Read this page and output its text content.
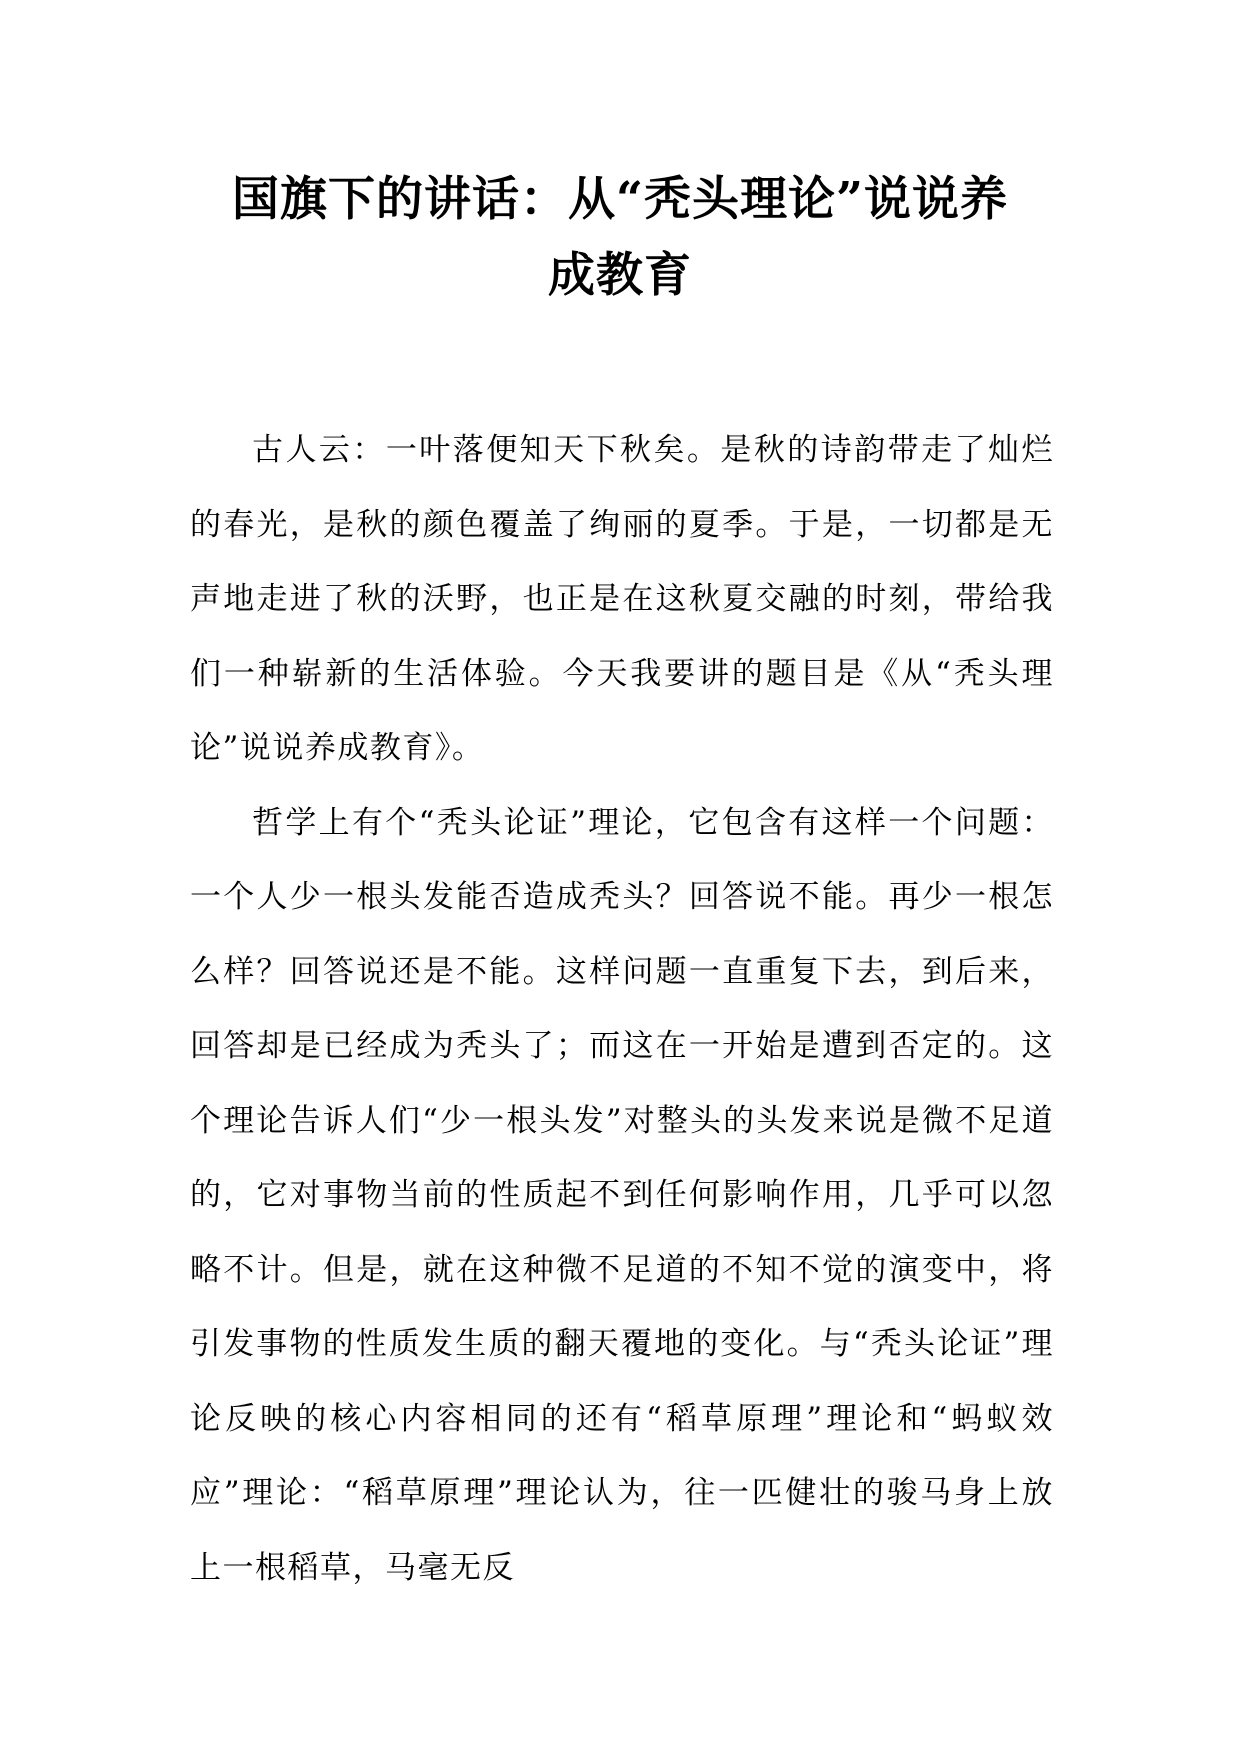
国旗下的讲话：从“秃头理论”说说养
成教育

古人云：一叶落便知天下秋矣。是秋的诗韵带走了灿烂的春光，是秋的颜色覆盖了绚丽的夏季。于是，一切都是无声地走进了秋的沃野，也正是在这秋夏交融的时刻，带给我们一种崭新的生活体验。今天我要讲的题目是《从“秃头理论”说说养成教育》。

哲学上有个“秃头论证”理论，它包含有这样一个问题：一个人少一根头发能否造成秃头？回答说不能。再少一根怎么样？回答说还是不能。这样问题一直重复下去，到后来，回答却是已经成为秃头了；而这在一开始是遭到否定的。这个理论告诉人们“少一根头发”对整头的头发来说是微不足道的，它对事物当前的性质起不到任何影响作用，几乎可以忽略不计。但是，就在这种微不足道的不知不觉的演变中，将引发事物的性质发生质的翻天覆地的变化。与“秃头论证”理论反映的核心内容相同的还有“稻草原理”理论和“蚂蚁效应”理论：“稻草原理”理论认为，往一匹健壮的骏马身上放上一根稻草，马毫无反
